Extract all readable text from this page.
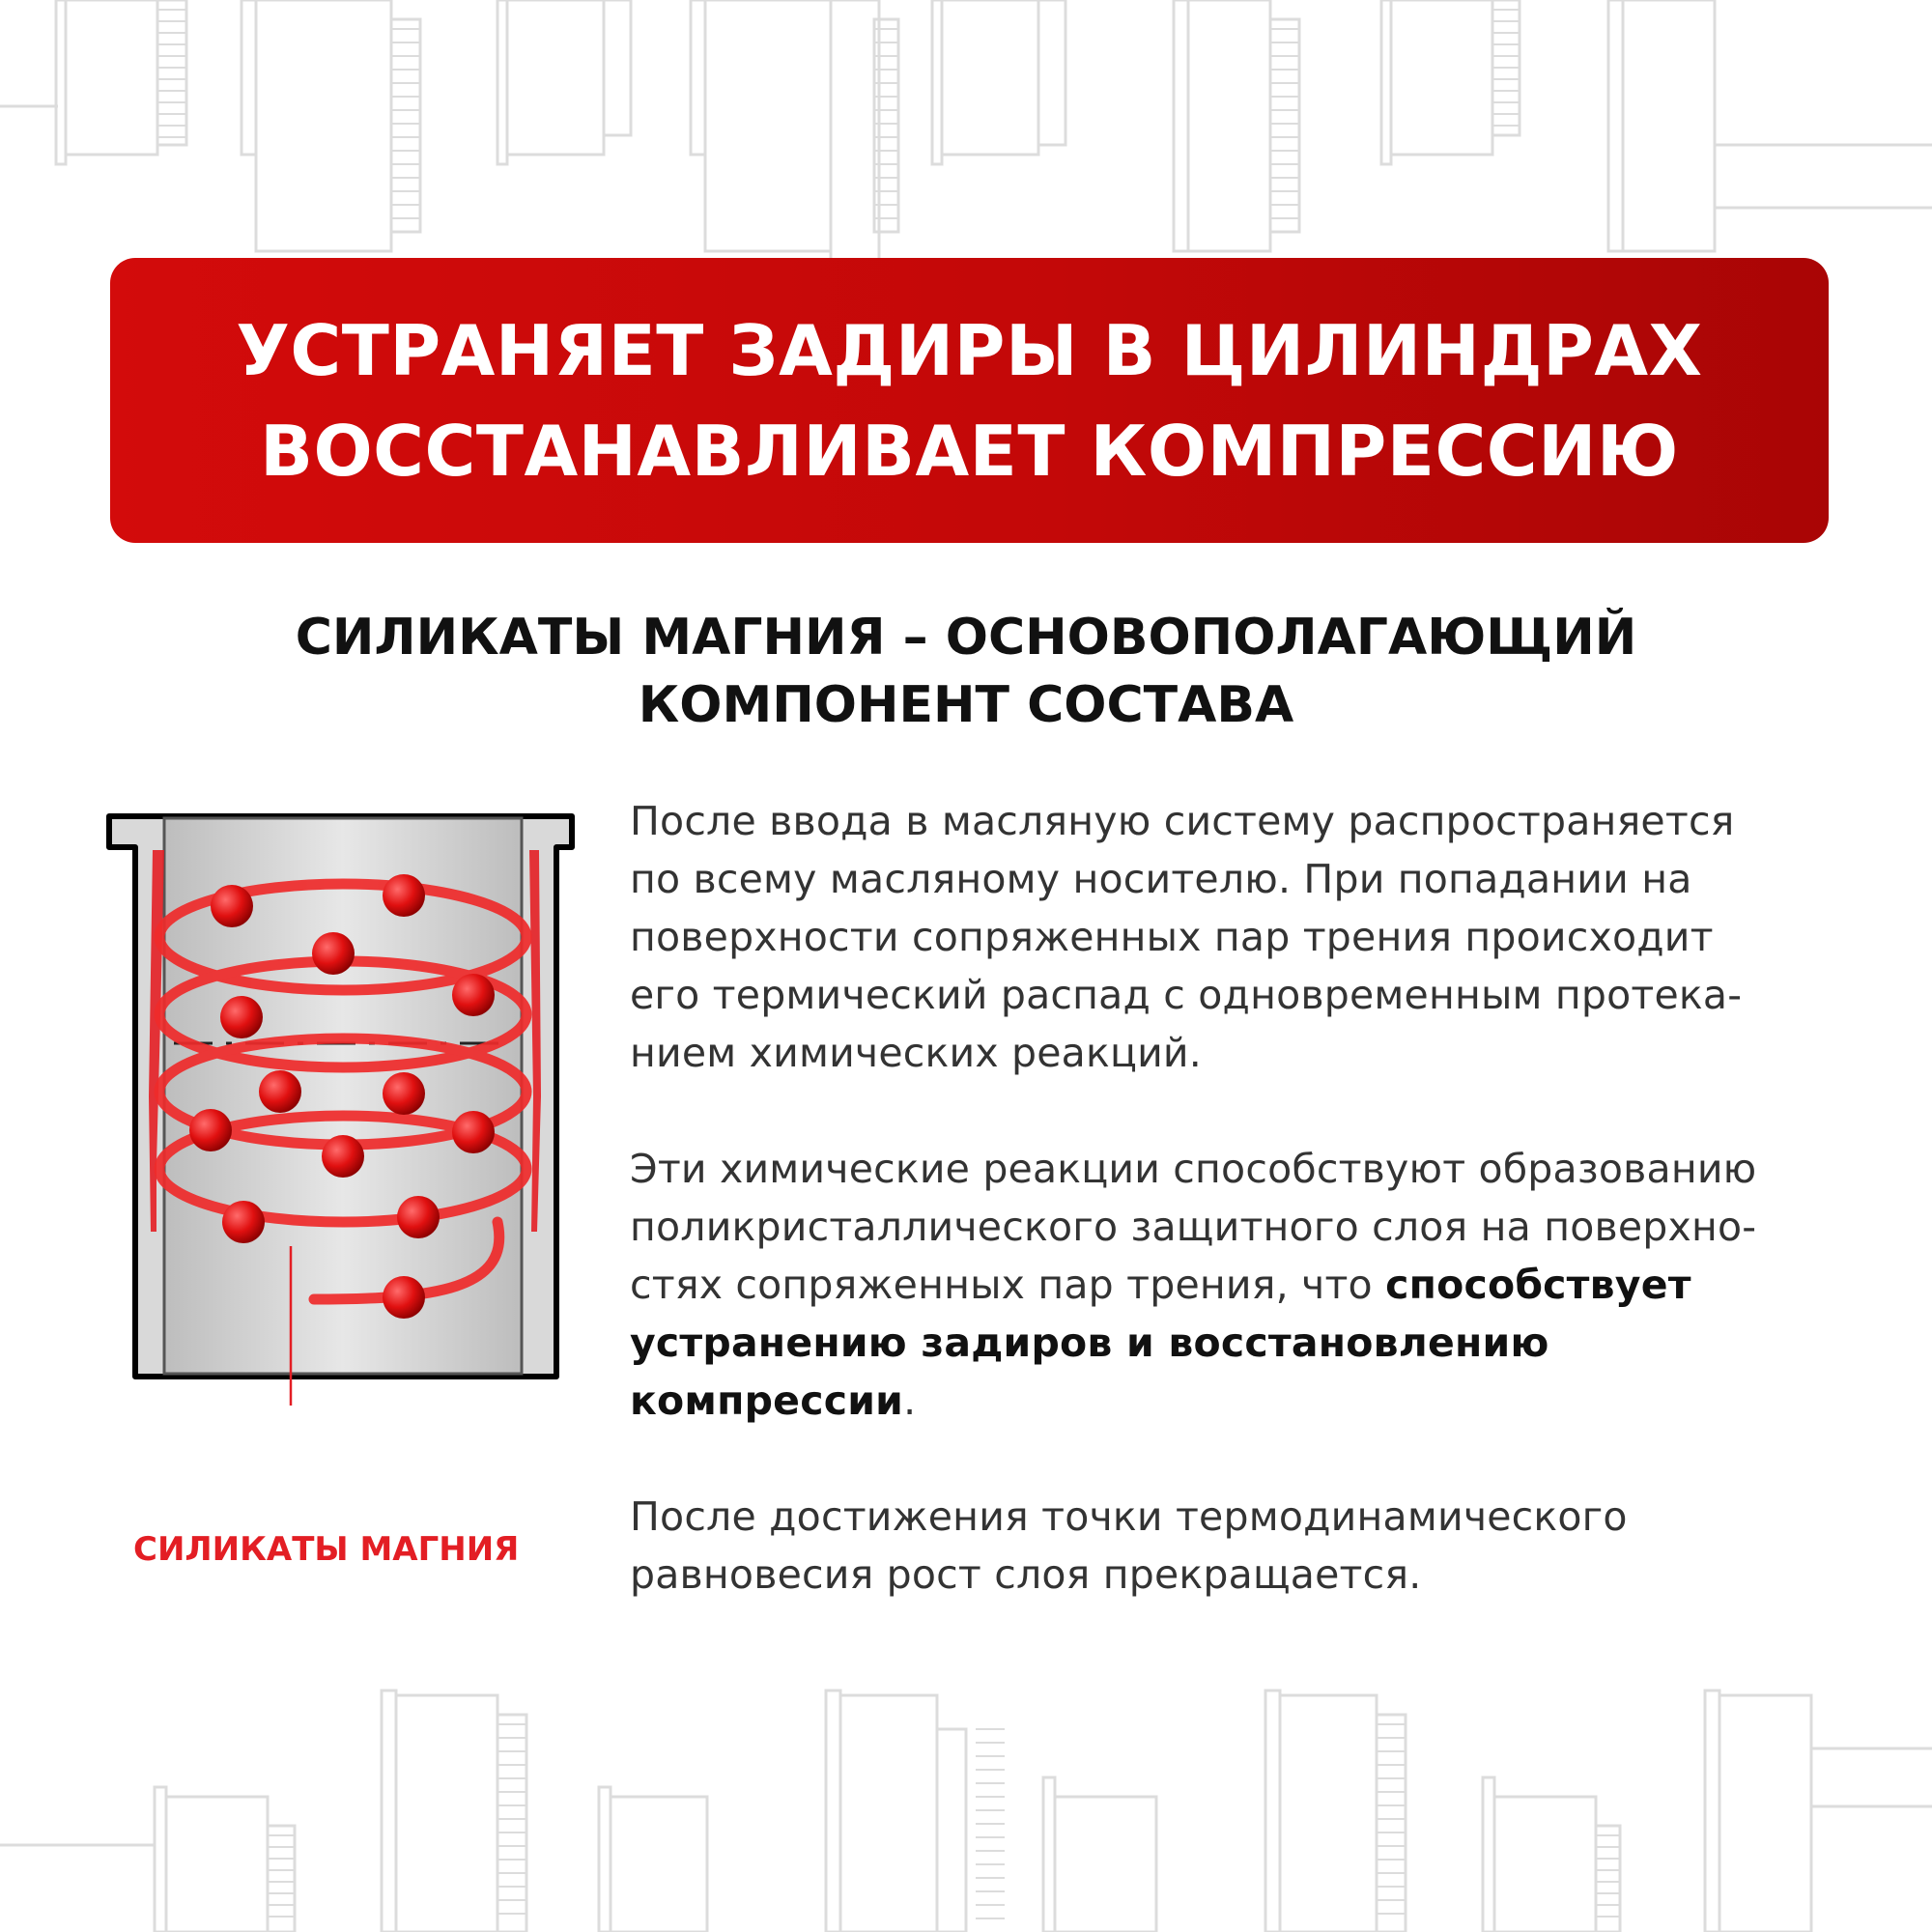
УСТРАНЯЕТ ЗАДИРЫ В ЦИЛИНДРАХ
ВОССТАНАВЛИВАЕТ КОМПРЕССИЮ
СИЛИКАТЫ МАГНИЯ – ОСНОВОПОЛАГАЮЩИЙ
КОМПОНЕНТ СОСТАВА
СИЛИКАТЫ МАГНИЯ
После ввода в масляную систему распространяется
по всему масляному носителю. При попадании на
поверхности сопряженных пар трения происходит
его термический распад с одновременным протека-
нием химических реакций.
Эти химические реакции способствуют образованию
поликристаллического защитного слоя на поверхно-
стях сопряженных пар трения, что способствует
устранению задиров и восстановлению
компрессии.
После достижения точки термодинамического
равновесия рост слоя прекращается.
